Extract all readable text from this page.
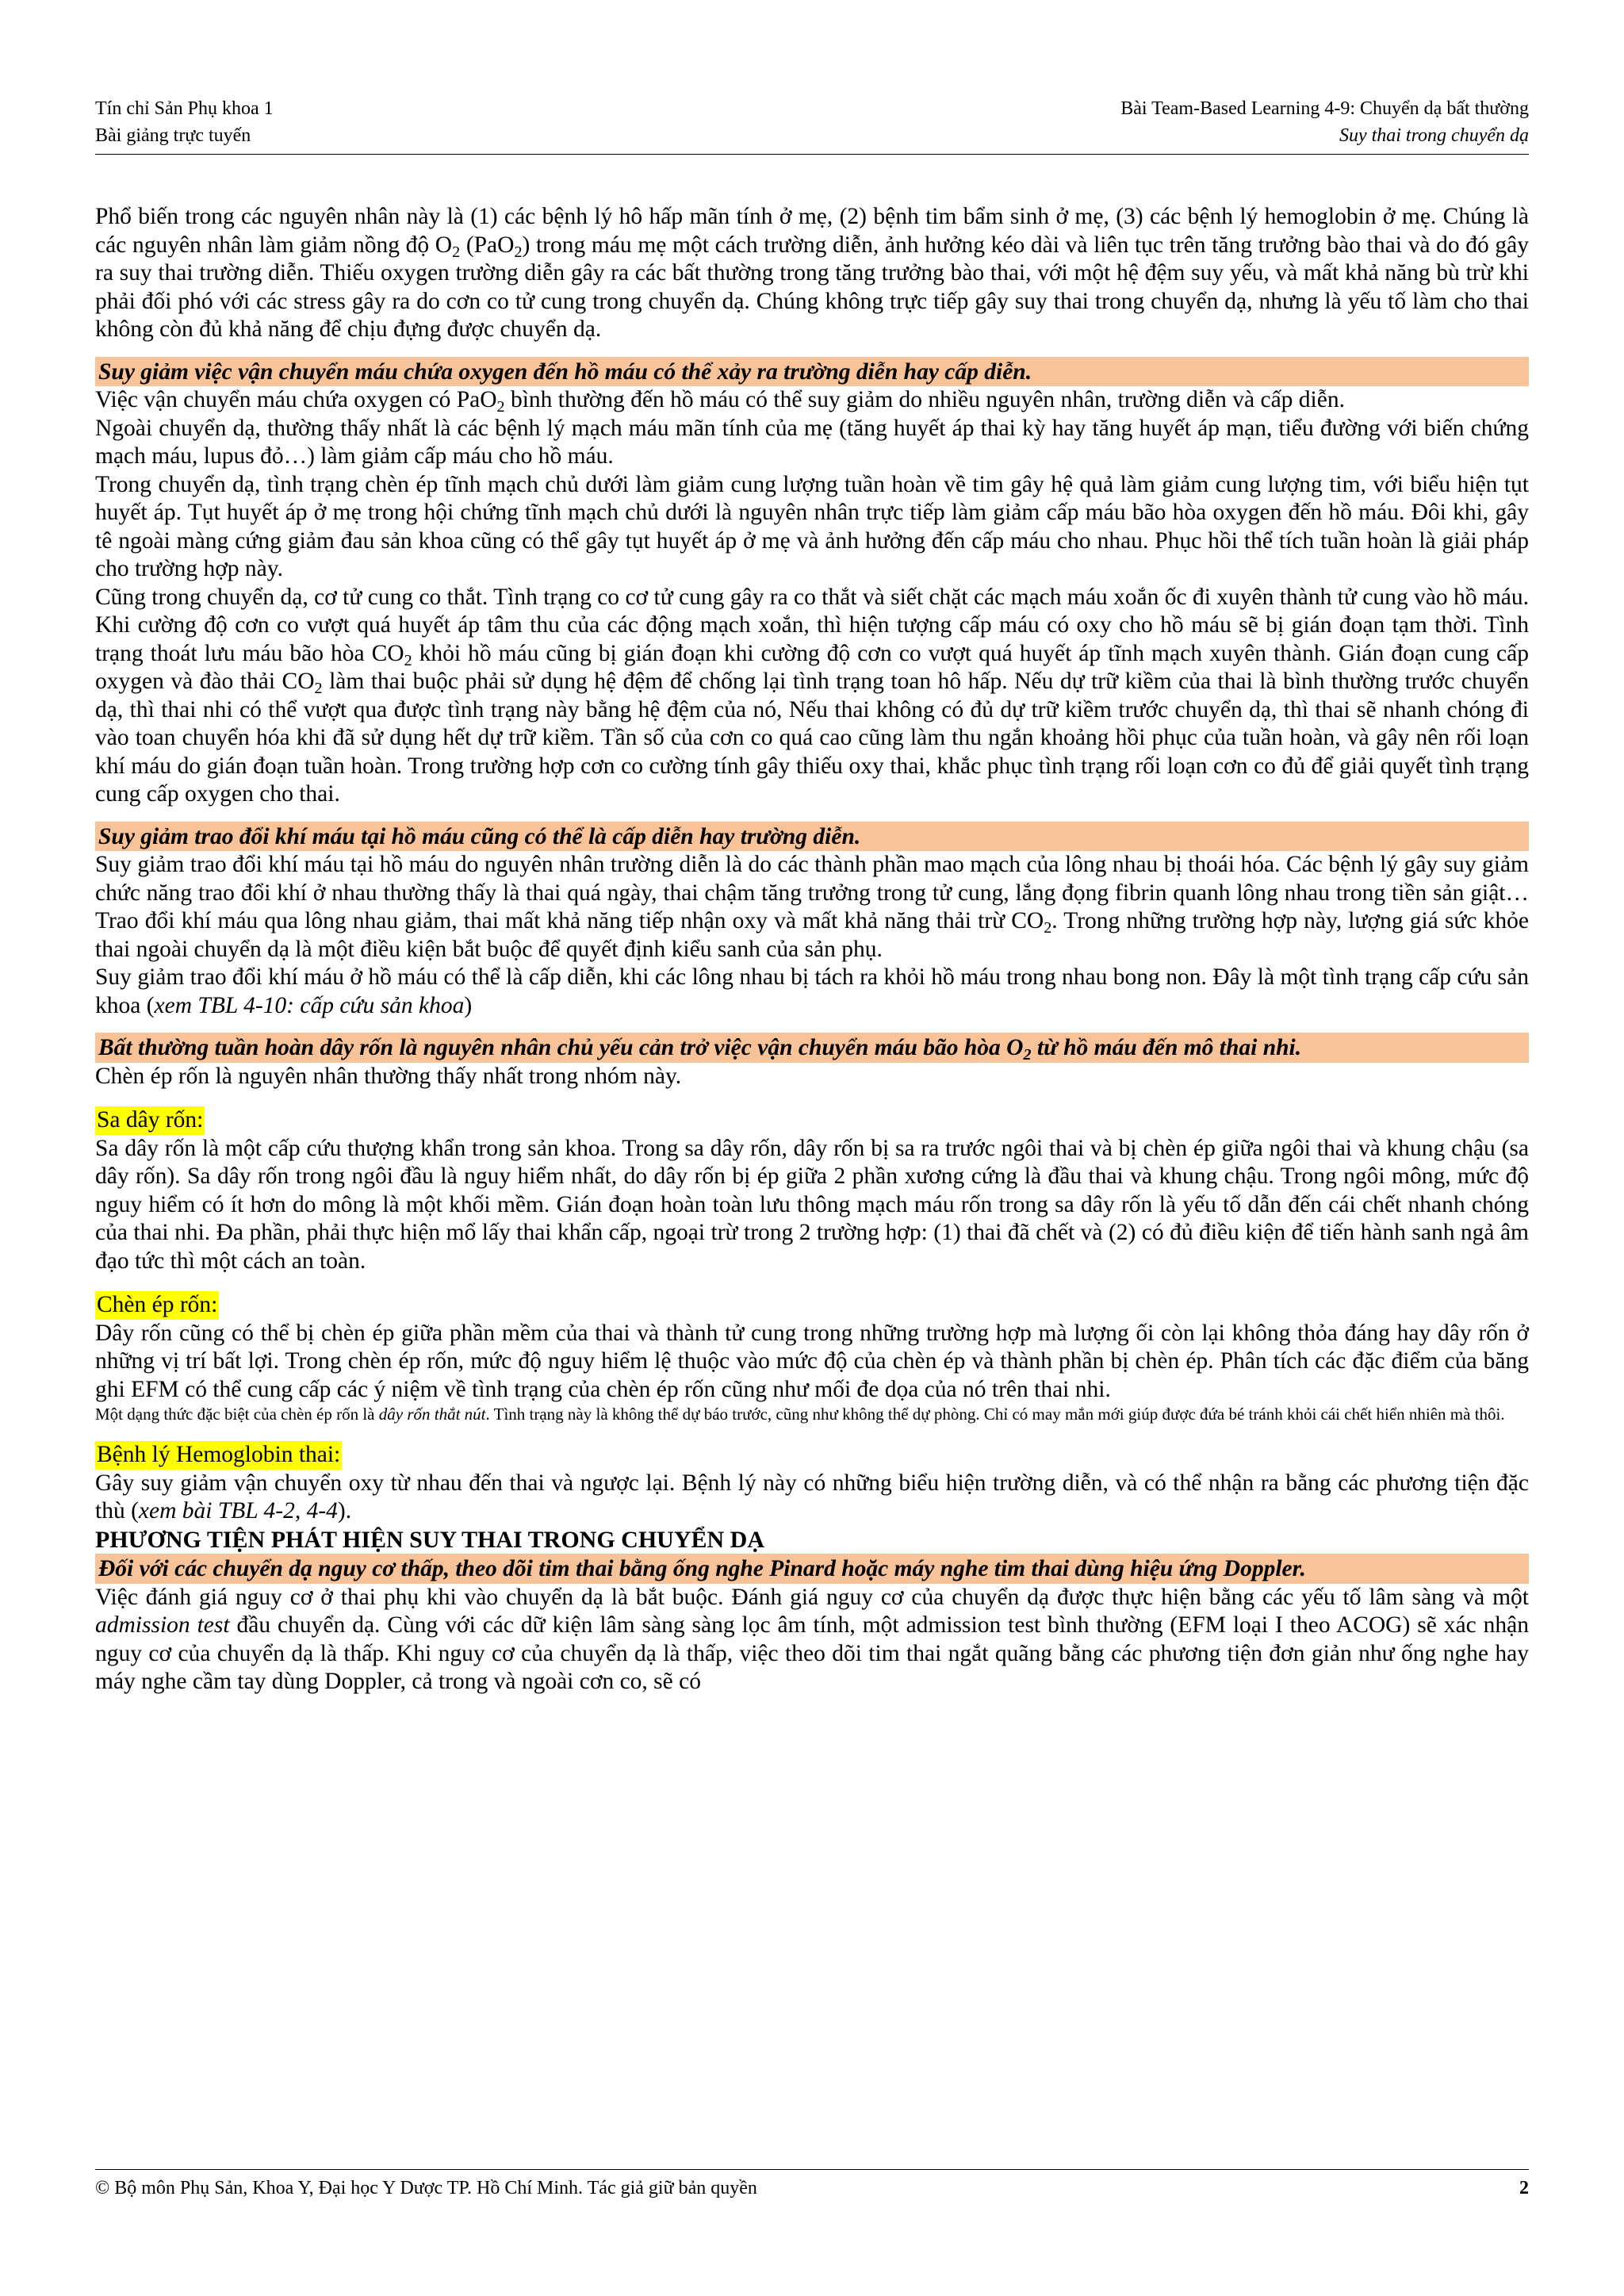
Tín chỉ Sản Phụ khoa 1	Bài Team-Based Learning 4-9: Chuyển dạ bất thường
Bài giảng trực tuyến	Suy thai trong chuyển dạ

Phổ biến trong các nguyên nhân này là (1) các bệnh lý hô hấp mãn tính ở mẹ, (2) bệnh tim bẩm sinh ở mẹ, (3) các bệnh lý hemoglobin ở mẹ. Chúng là các nguyên nhân làm giảm nồng độ $O_2$ (PaO$_2$) trong máu mẹ một cách trường diễn, ảnh hưởng kéo dài và liên tục trên tăng trưởng bào thai và do đó gây ra suy thai trường diễn. Thiếu oxygen trường diễn gây ra các bất thường trong tăng trưởng bào thai, với một hệ đệm suy yếu, và mất khả năng bù trừ khi phải đối phó với các stress gây ra do cơn co tử cung trong chuyển dạ. Chúng không trực tiếp gây suy thai trong chuyển dạ, nhưng là yếu tố làm cho thai không còn đủ khả năng để chịu đựng được chuyển dạ.

Suy giảm việc vận chuyển máu chứa oxygen đến hồ máu có thể xảy ra trường diễn hay cấp diễn.

Việc vận chuyển máu chứa oxygen có PaO$_2$ bình thường đến hồ máu có thể suy giảm do nhiều nguyên nhân, trường diễn và cấp diễn.

Ngoài chuyển dạ, thường thấy nhất là các bệnh lý mạch máu mãn tính của mẹ (tăng huyết áp thai kỳ hay tăng huyết áp mạn, tiểu đường với biến chứng mạch máu, lupus đỏ…) làm giảm cấp máu cho hồ máu.

Trong chuyển dạ, tình trạng chèn ép tĩnh mạch chủ dưới làm giảm cung lượng tuần hoàn về tim gây hệ quả làm giảm cung lượng tim, với biểu hiện tụt huyết áp. Tụt huyết áp ở mẹ trong hội chứng tĩnh mạch chủ dưới là nguyên nhân trực tiếp làm giảm cấp máu bão hòa oxygen đến hồ máu. Đôi khi, gây tê ngoài màng cứng giảm đau sản khoa cũng có thể gây tụt huyết áp ở mẹ và ảnh hưởng đến cấp máu cho nhau. Phục hồi thể tích tuần hoàn là giải pháp cho trường hợp này.

Cũng trong chuyển dạ, cơ tử cung co thắt. Tình trạng co cơ tử cung gây ra co thắt và siết chặt các mạch máu xoắn ốc đi xuyên thành tử cung vào hồ máu. Khi cường độ cơn co vượt quá huyết áp tâm thu của các động mạch xoắn, thì hiện tượng cấp máu có oxy cho hồ máu sẽ bị gián đoạn tạm thời. Tình trạng thoát lưu máu bão hòa $CO_2$ khỏi hồ máu cũng bị gián đoạn khi cường độ cơn co vượt quá huyết áp tĩnh mạch xuyên thành. Gián đoạn cung cấp oxygen và đào thải $CO_2$ làm thai buộc phải sử dụng hệ đệm để chống lại tình trạng toan hô hấp. Nếu dự trữ kiềm của thai là bình thường trước chuyển dạ, thì thai nhi có thể vượt qua được tình trạng này bằng hệ đệm của nó, Nếu thai không có đủ dự trữ kiềm trước chuyển dạ, thì thai sẽ nhanh chóng đi vào toan chuyển hóa khi đã sử dụng hết dự trữ kiềm. Tần số của cơn co quá cao cũng làm thu ngắn khoảng hồi phục của tuần hoàn, và gây nên rối loạn khí máu do gián đoạn tuần hoàn. Trong trường hợp cơn co cường tính gây thiếu oxy thai, khắc phục tình trạng rối loạn cơn co đủ để giải quyết tình trạng cung cấp oxygen cho thai.

Suy giảm trao đổi khí máu tại hồ máu cũng có thể là cấp diễn hay trường diễn.

Suy giảm trao đổi khí máu tại hồ máu do nguyên nhân trường diễn là do các thành phần mao mạch của lông nhau bị thoái hóa. Các bệnh lý gây suy giảm chức năng trao đổi khí ở nhau thường thấy là thai quá ngày, thai chậm tăng trưởng trong tử cung, lắng đọng fibrin quanh lông nhau trong tiền sản giật… Trao đổi khí máu qua lông nhau giảm, thai mất khả năng tiếp nhận oxy và mất khả năng thải trừ $CO_2$. Trong những trường hợp này, lượng giá sức khỏe thai ngoài chuyển dạ là một điều kiện bắt buộc để quyết định kiểu sanh của sản phụ.

Suy giảm trao đổi khí máu ở hồ máu có thể là cấp diễn, khi các lông nhau bị tách ra khỏi hồ máu trong nhau bong non. Đây là một tình trạng cấp cứu sản khoa (xem TBL 4-10: cấp cứu sản khoa)

Bất thường tuần hoàn dây rốn là nguyên nhân chủ yếu cản trở việc vận chuyển máu bão hòa $O_2$ từ hồ máu đến mô thai nhi.

Chèn ép rốn là nguyên nhân thường thấy nhất trong nhóm này.

Sa dây rốn:

Sa dây rốn là một cấp cứu thượng khẩn trong sản khoa. Trong sa dây rốn, dây rốn bị sa ra trước ngôi thai và bị chèn ép giữa ngôi thai và khung chậu (sa dây rốn). Sa dây rốn trong ngôi đầu là nguy hiểm nhất, do dây rốn bị ép giữa 2 phần xương cứng là đầu thai và khung chậu. Trong ngôi mông, mức độ nguy hiểm có ít hơn do mông là một khối mềm. Gián đoạn hoàn toàn lưu thông mạch máu rốn trong sa dây rốn là yếu tố dẫn đến cái chết nhanh chóng của thai nhi. Đa phần, phải thực hiện mổ lấy thai khẩn cấp, ngoại trừ trong 2 trường hợp: (1) thai đã chết và (2) có đủ điều kiện để tiến hành sanh ngả âm đạo tức thì một cách an toàn.

Chèn ép rốn:

Dây rốn cũng có thể bị chèn ép giữa phần mềm của thai và thành tử cung trong những trường hợp mà lượng ối còn lại không thỏa đáng hay dây rốn ở những vị trí bất lợi. Trong chèn ép rốn, mức độ nguy hiểm lệ thuộc vào mức độ của chèn ép và thành phần bị chèn ép. Phân tích các đặc điểm của băng ghi EFM có thể cung cấp các ý niệm về tình trạng của chèn ép rốn cũng như mối đe dọa của nó trên thai nhi.

Một dạng thức đặc biệt của chèn ép rốn là dây rốn thắt nút. Tình trạng này là không thể dự báo trước, cũng như không thể dự phòng. Chỉ có may mắn mới giúp được đứa bé tránh khỏi cái chết hiển nhiên mà thôi.

Bệnh lý Hemoglobin thai:

Gây suy giảm vận chuyển oxy từ nhau đến thai và ngược lại. Bệnh lý này có những biểu hiện trường diễn, và có thể nhận ra bằng các phương tiện đặc thù (xem bài TBL 4-2, 4-4).

PHƯƠNG TIỆN PHÁT HIỆN SUY THAI TRONG CHUYỂN DẠ

Đối với các chuyển dạ nguy cơ thấp, theo dõi tim thai bằng ống nghe Pinard hoặc máy nghe tim thai dùng hiệu ứng Doppler.

Việc đánh giá nguy cơ ở thai phụ khi vào chuyển dạ là bắt buộc. Đánh giá nguy cơ của chuyển dạ được thực hiện bằng các yếu tố lâm sàng và một admission test đầu chuyển dạ. Cùng với các dữ kiện lâm sàng sàng lọc âm tính, một admission test bình thường (EFM loại I theo ACOG) sẽ xác nhận nguy cơ của chuyển dạ là thấp. Khi nguy cơ của chuyển dạ là thấp, việc theo dõi tim thai ngắt quãng bằng các phương tiện đơn giản như ống nghe hay máy nghe cầm tay dùng Doppler, cả trong và ngoài cơn co, sẽ có

© Bộ môn Phụ Sản, Khoa Y, Đại học Y Dược TP. Hồ Chí Minh. Tác giả giữ bản quyền	2
